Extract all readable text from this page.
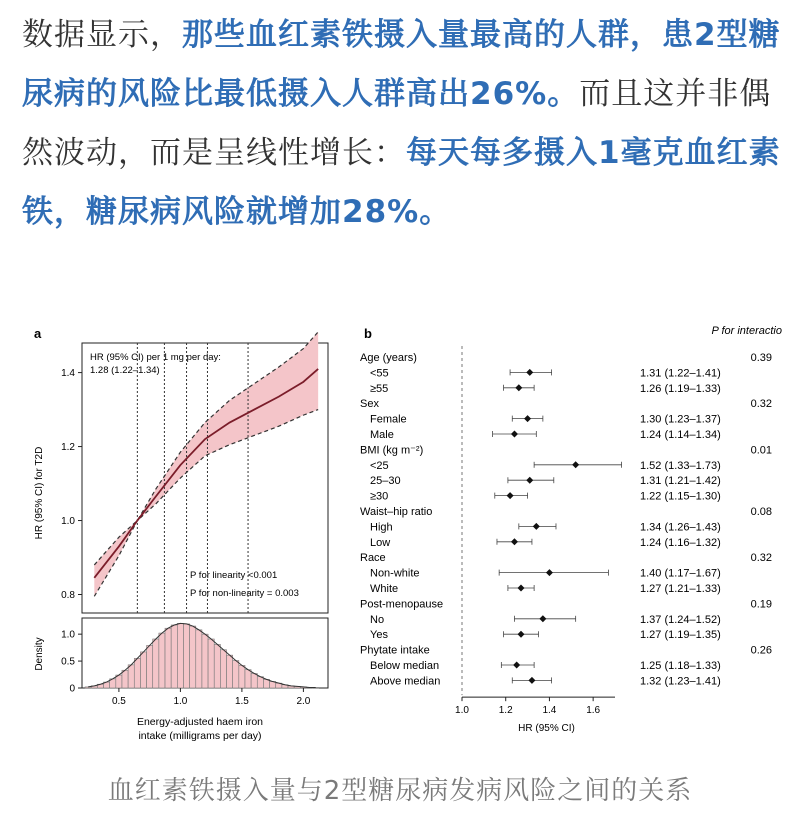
数据显示，那些血红素铁摄入量最高的人群，患2型糖尿病的风险比最低摄入人群高出26%。而且这并非偶然波动，而是呈线性增长：每天每多摄入1毫克血红素铁，糖尿病风险就增加28%。
a
HR (95% CI) per 1 mg per day:
1.28 (1.22–1.34)
P for linearity <0.001
P for non-linearity = 0.003
HR (95% CI) for T2D
1.4
1.2
1.0
0.8
Density
1.0
0.5
0
0.5	1.0	1.5	2.0
Energy-adjusted haem iron
intake (milligrams per day)
b	P for interactio
Age (years)	0.39
<55	1.31 (1.22–1.41)
≥55	1.26 (1.19–1.33)
Sex	0.32
Female	1.30 (1.23–1.37)
Male	1.24 (1.14–1.34)
BMI (kg m⁻²)	0.01
<25	1.52 (1.33–1.73)
25–30	1.31 (1.21–1.42)
≥30	1.22 (1.15–1.30)
Waist–hip ratio	0.08
High	1.34 (1.26–1.43)
Low	1.24 (1.16–1.32)
Race	0.32
Non-white	1.40 (1.17–1.67)
White	1.27 (1.21–1.33)
Post-menopause	0.19
No	1.37 (1.24–1.52)
Yes	1.27 (1.19–1.35)
Phytate intake	0.26
Below median	1.25 (1.18–1.33)
Above median	1.32 (1.23–1.41)
1.0	1.2	1.4	1.6
HR (95% CI)
血红素铁摄入量与2型糖尿病发病风险之间的关系
